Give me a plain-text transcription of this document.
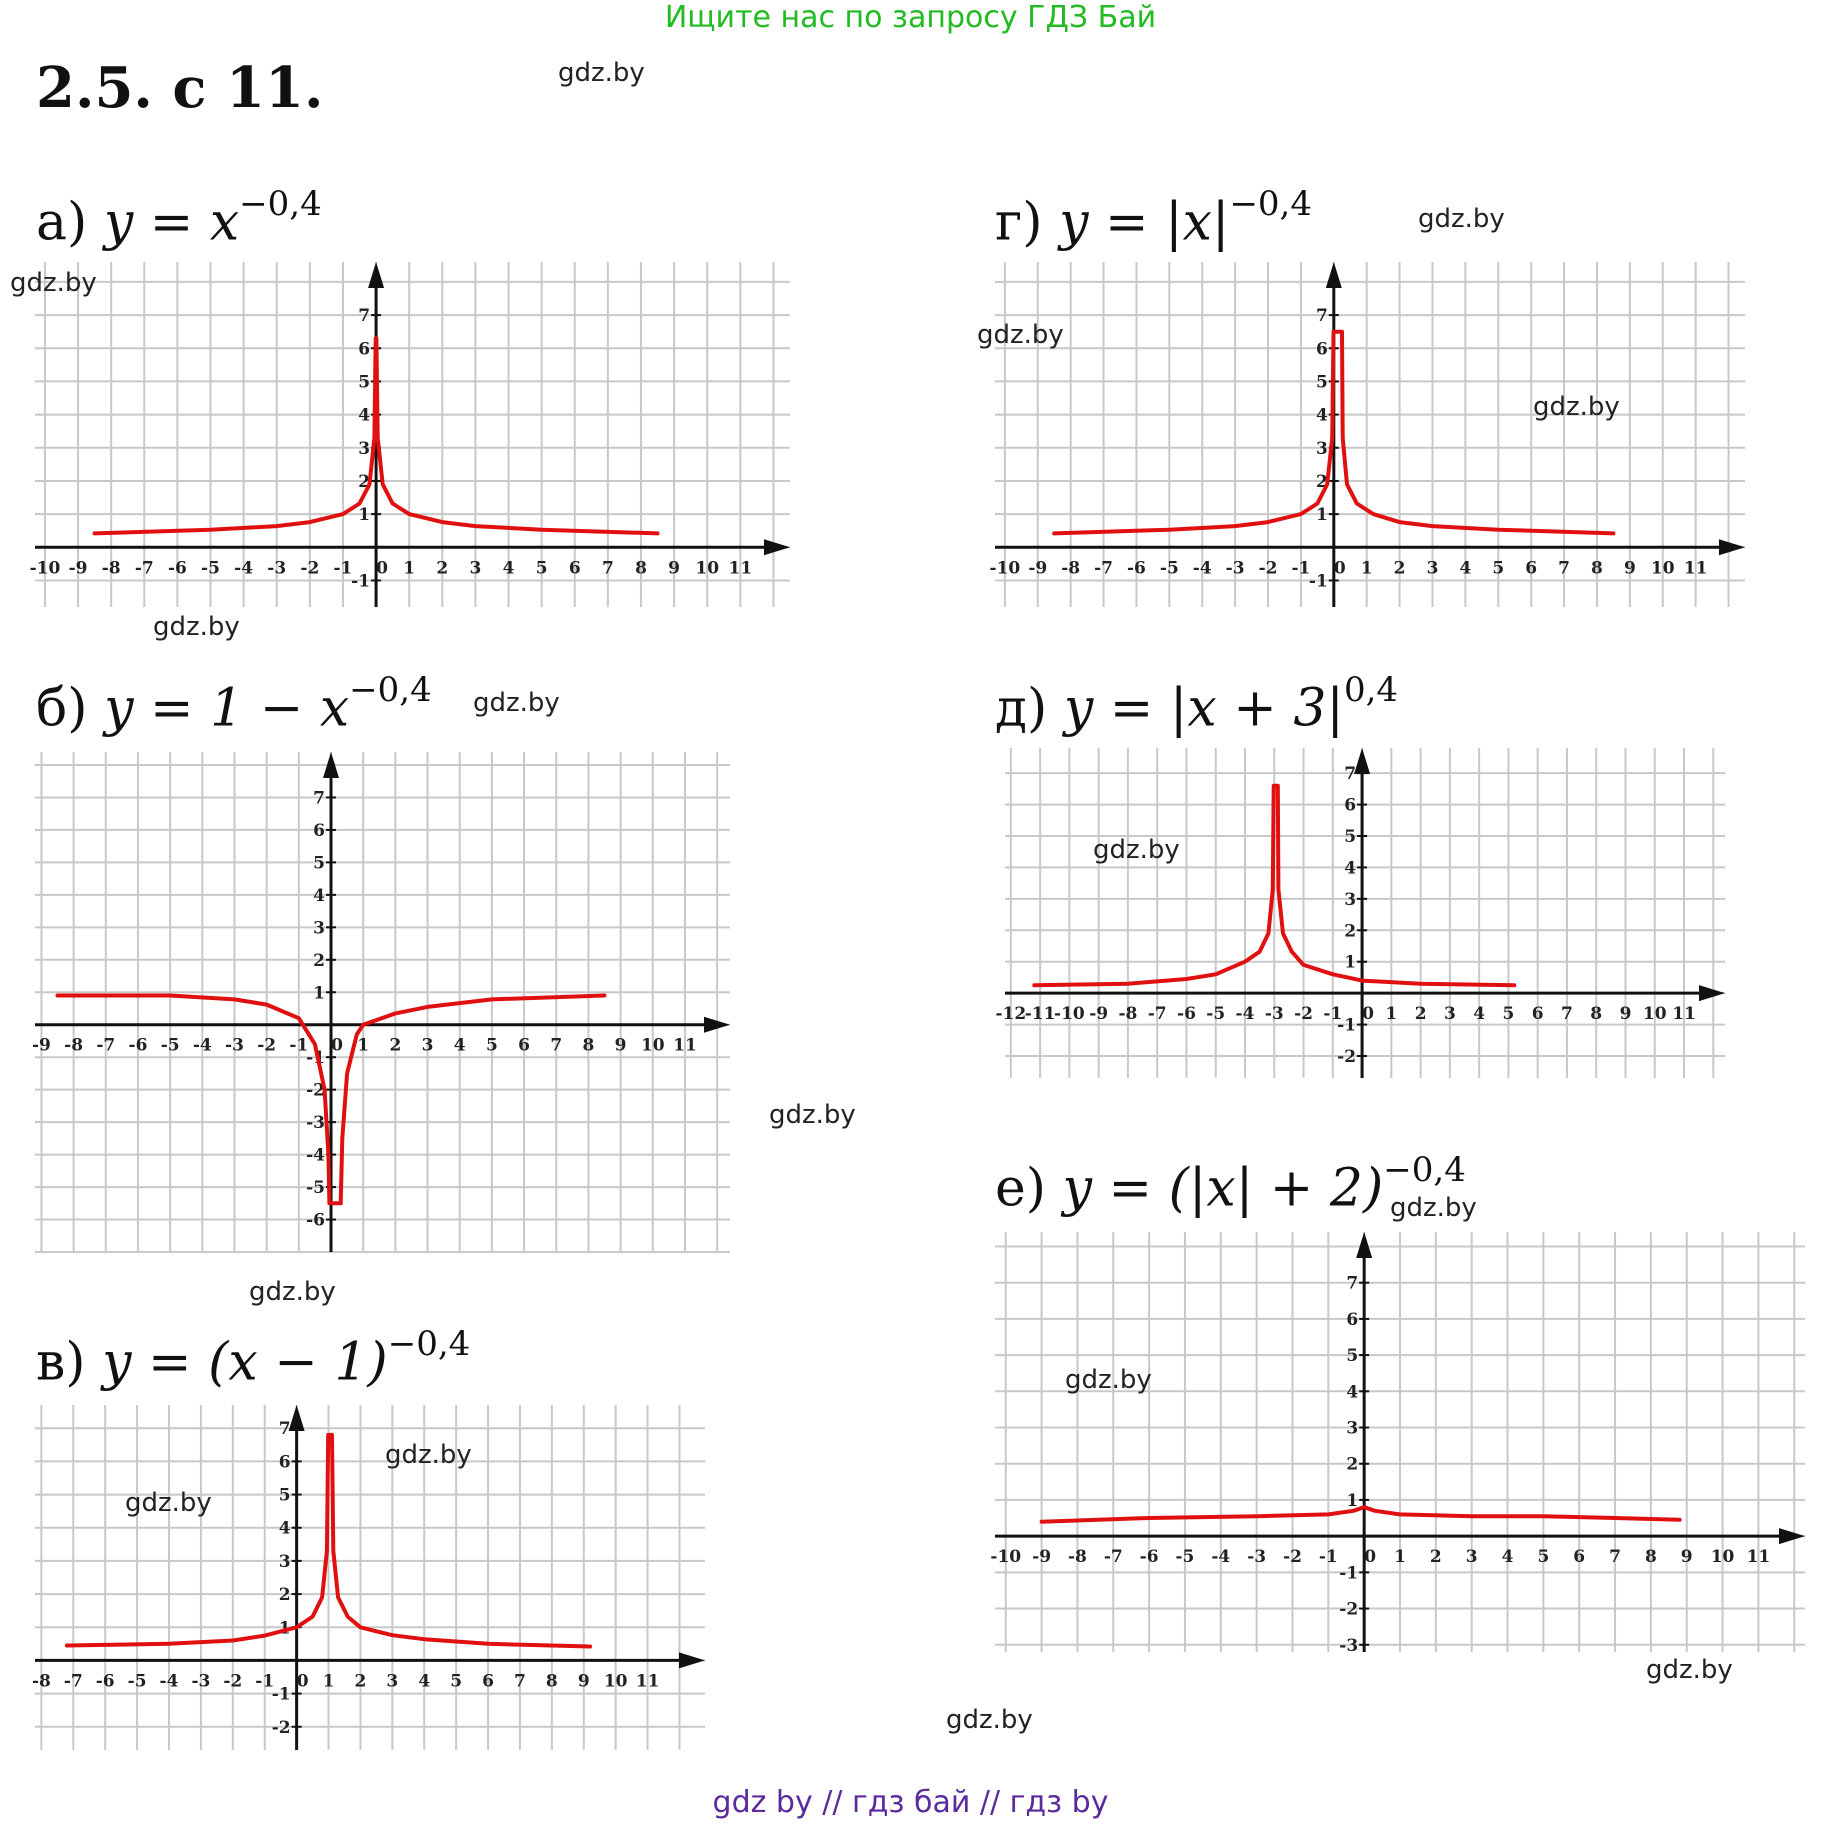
Ищите нас по запросу ГДЗ Бай
2.5. с 11.
а) $y = x^{-0,4}$
б) $y = 1 - x^{-0,4}$
в) $y = (x - 1)^{-0,4}$
г) $y = |x|^{-0,4}$
д) $y = |x + 3|^{0,4}$
е) $y = (|x| + 2)^{-0,4}$
-10 -9 -8 -7 -6 -5 -4 -3 -2 -1 0 1 2 3 4 5 6 7 8 9 10 11
-1
1
2
3
4
5
6
7
-9 -8 -7 -6 -5 -4 -3 -2 -1 0 1 2 3 4 5 6 7 8 9 10 11
-6
-5
-4
-3
-2
-1
1
2
3
4
5
6
7
-8 -7 -6 -5 -4 -3 -2 -1 0 1 2 3 4 5 6 7 8 9 10 11
-2
-1
1
2
3
4
5
6
7
-10 -9 -8 -7 -6 -5 -4 -3 -2 -1 0 1 2 3 4 5 6 7 8 9 10 11
-1
1
2
3
4
5
6
7
-12
-11
-10 -9 -8 -7 -6 -5 -4 -3 -2 -1 0 1 2 3 4 5 6 7 8 9 10 11
-2
-1
1
2
3
4
5
6
7
-10 -9 -8 -7 -6 -5 -4 -3 -2 -1 0 1 2 3 4 5 6 7 8 9 10 11
-3
-2
-1
1
2
3
4
5
6
7
gdz.by
gdz.by
gdz.by
gdz.by
gdz.by
gdz.by
gdz.by
gdz.by
gdz.by
gdz.by
gdz.by
gdz.by
gdz.by
gdz.by
gdz.by
gdz.by
gdz by // гдз бай // гдз by
